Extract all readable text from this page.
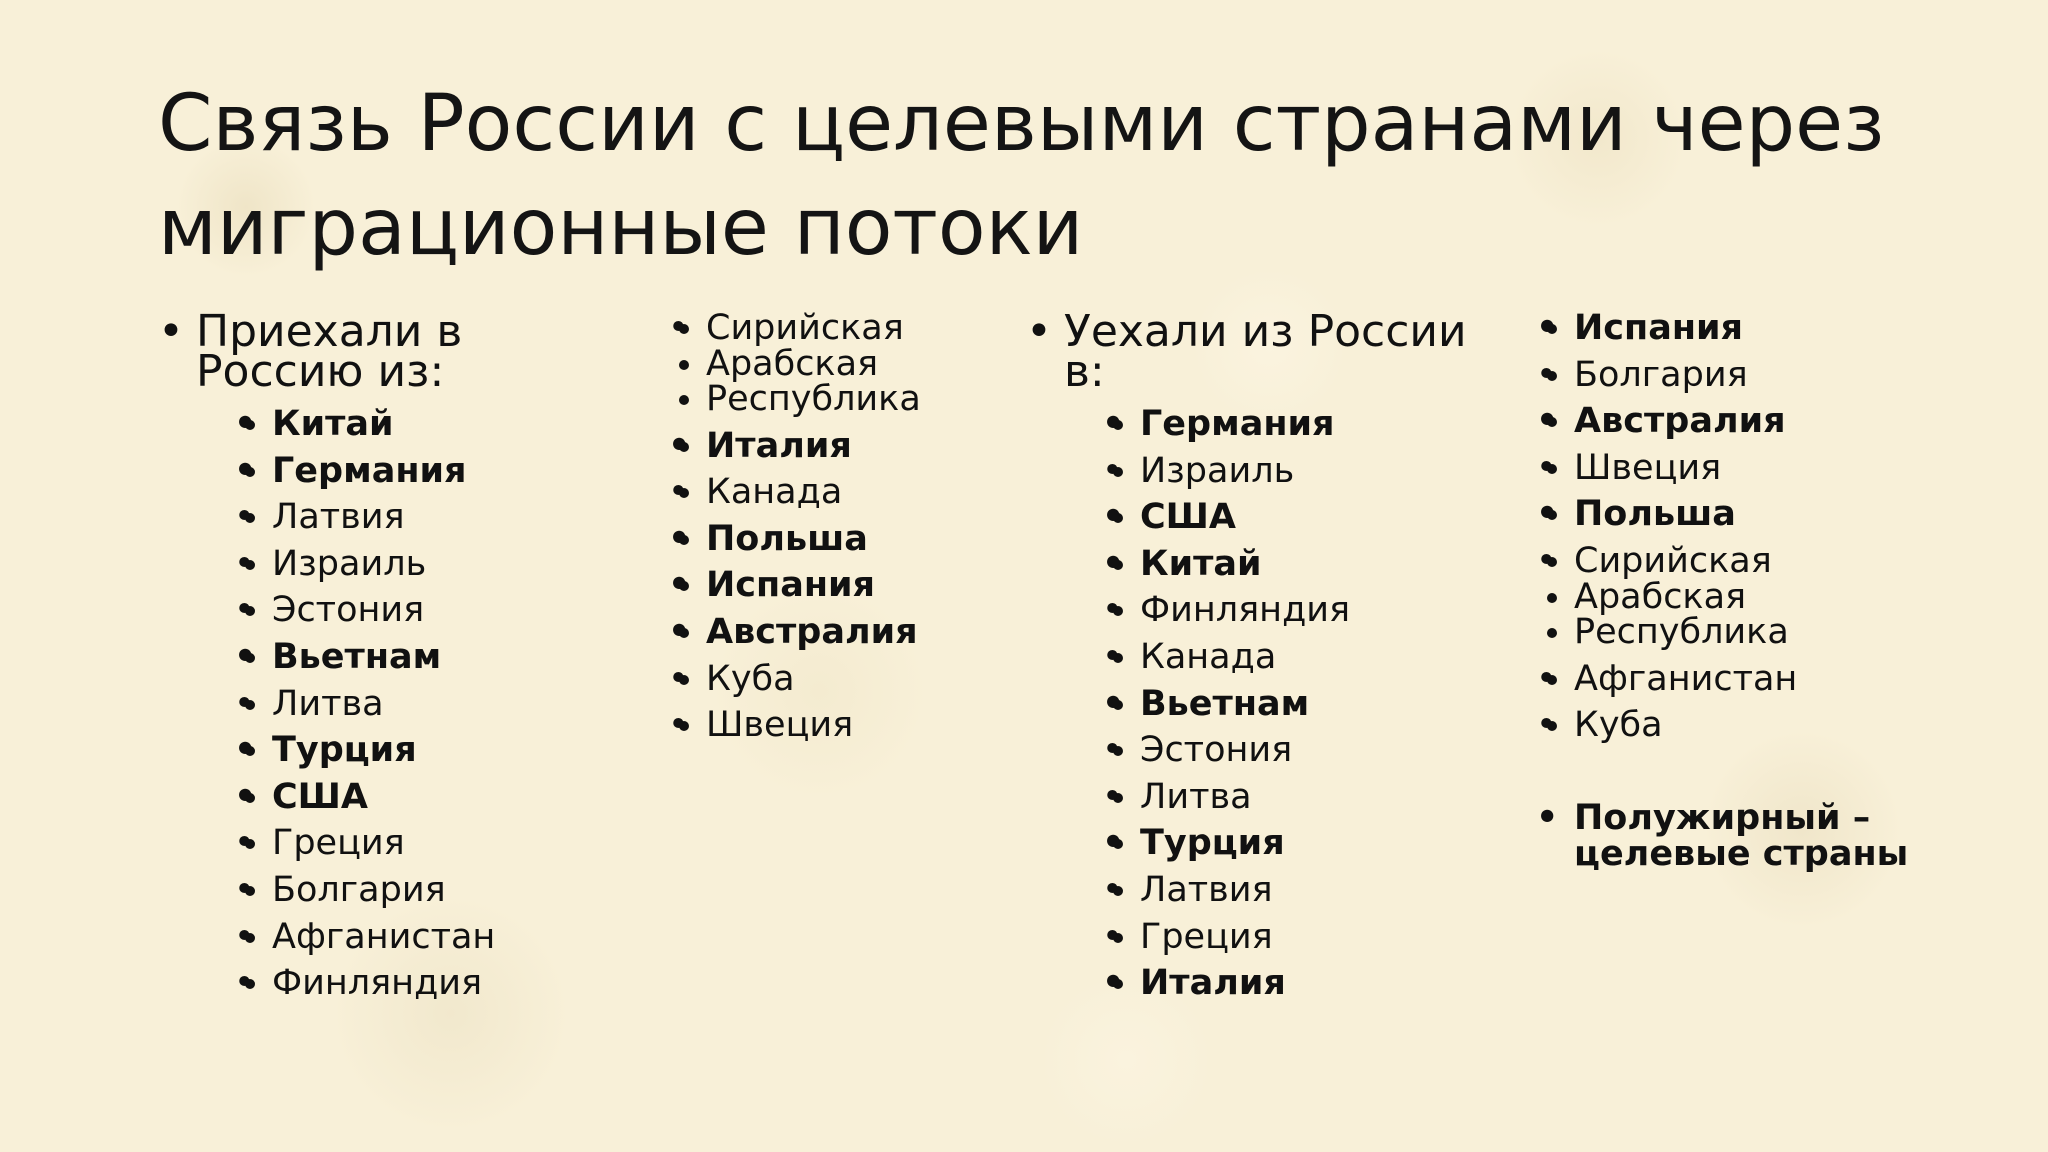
Связь России с целевыми странами через
миграционные потоки
• Приехали в
Россию из:
• • Китай
• • Германия
• • Латвия
• • Израиль
• • Эстония
• • Вьетнам
• • Литва
• • Турция
• • США
• • Греция
• • Болгария
• • Афганистан
• • Финляндия
• • Сирийская
• Арабская
• Республика
• • Италия
• • Канада
• • Польша
• • Испания
• • Австралия
• • Куба
• • Швеция
• Уехали из России
в:
• • Германия
• • Израиль
• • США
• • Китай
• • Финляндия
• • Канада
• • Вьетнам
• • Эстония
• • Литва
• • Турция
• • Латвия
• • Греция
• • Италия
• • Испания
• • Болгария
• • Австралия
• • Швеция
• • Польша
• • Сирийская
• Арабская
• Республика
• • Афганистан
• • Куба
• Полужирный –
целевые страны
